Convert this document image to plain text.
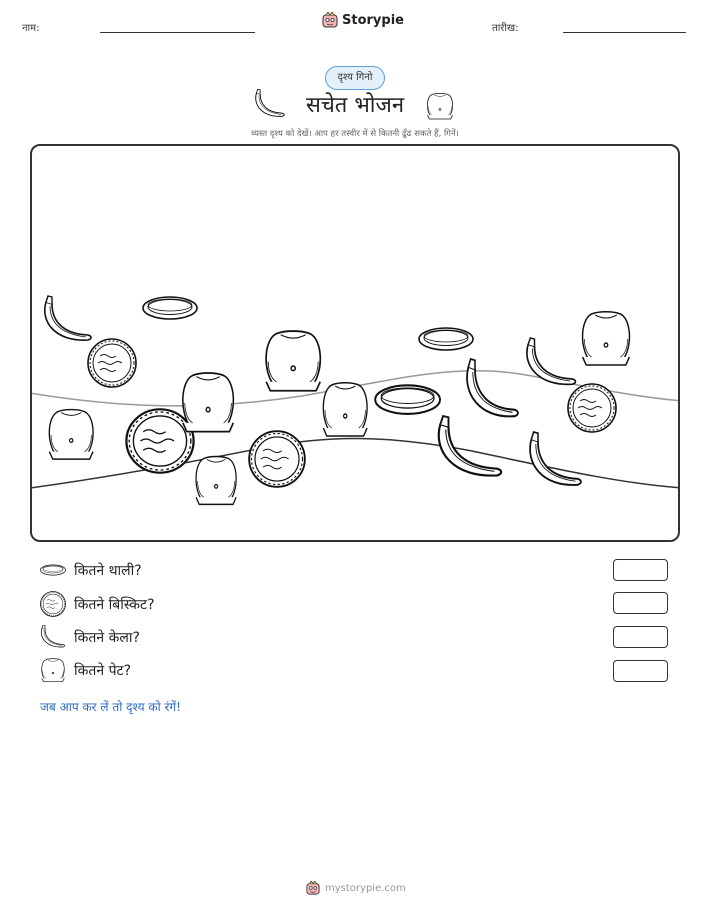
नाम:
Storypie
तारीख:
दृश्य गिनो
सचेत भोजन
व्यस्त दृश्य को देखें। आप हर तस्वीर में से कितनी ढूँढ सकते हैं, गिनें।
कितने थाली?
कितने बिस्किट?
कितने केला?
कितने पेट?
जब आप कर लें तो दृश्य को रंगें!
mystorypie.com
